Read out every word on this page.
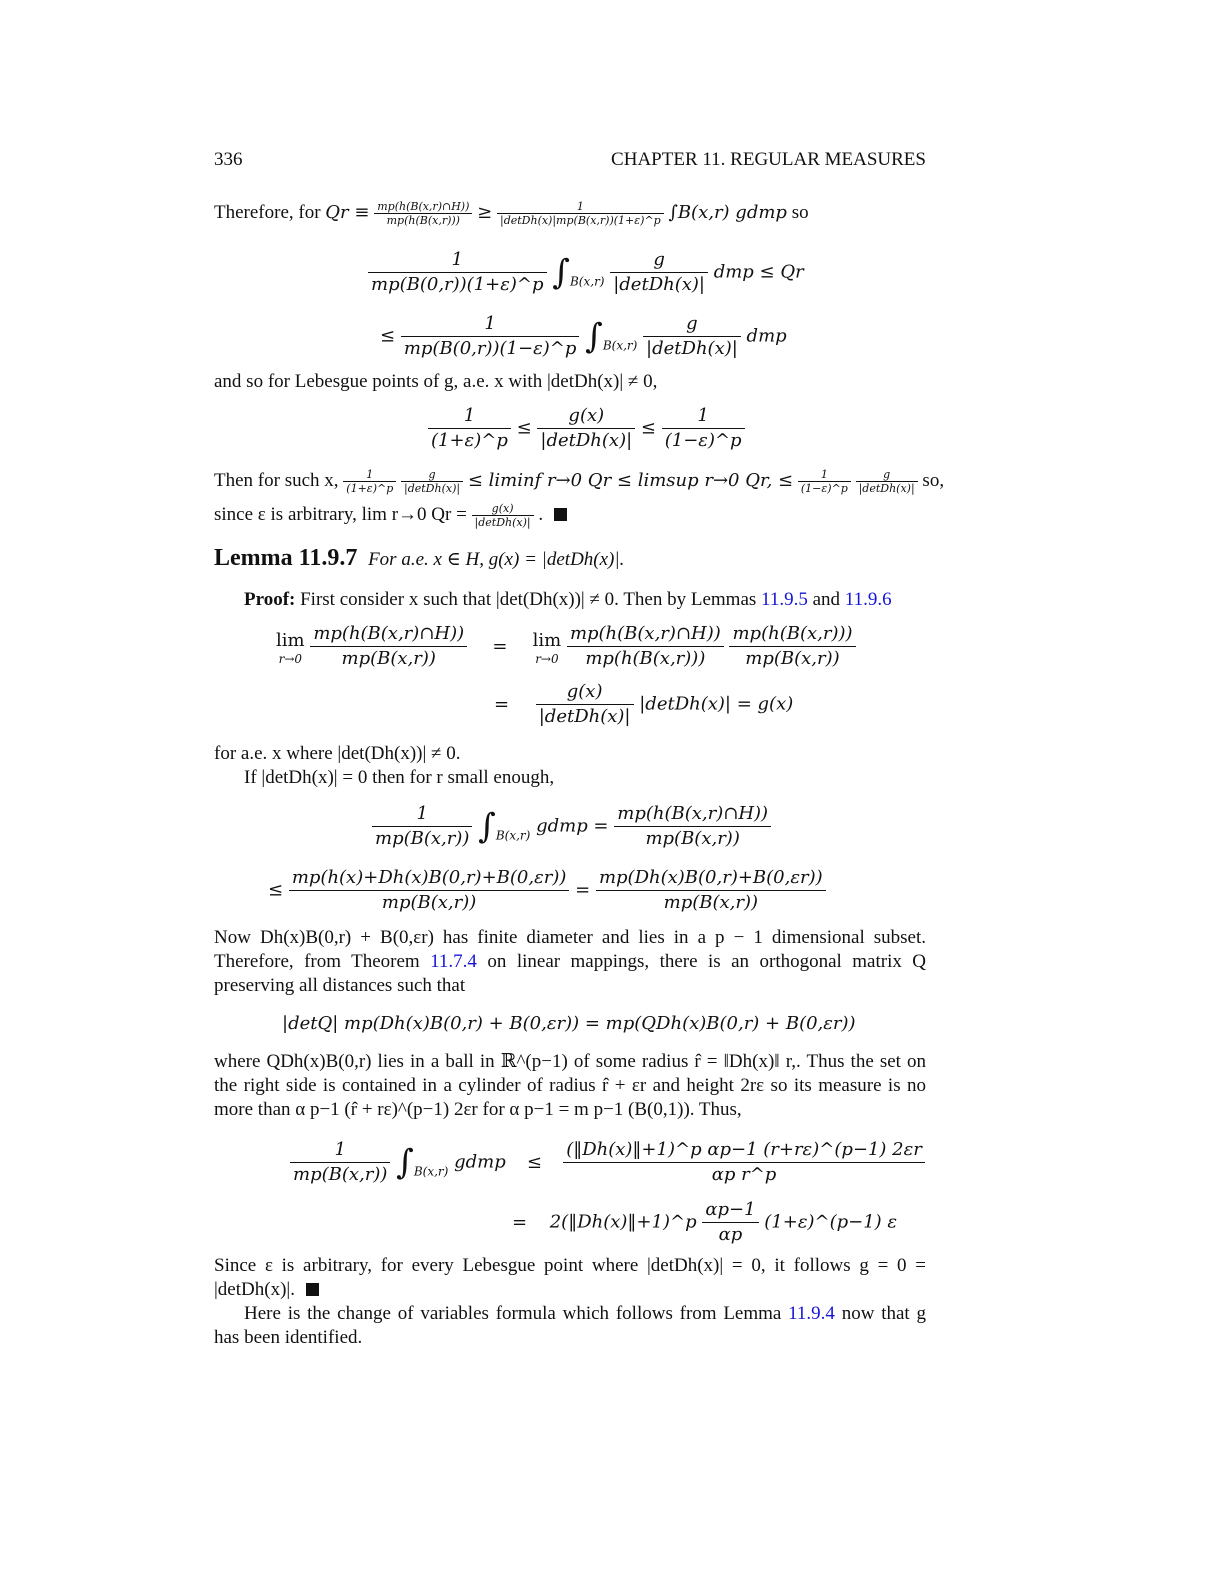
336	CHAPTER 11. REGULAR MEASURES
Therefore, for $Qr \equiv \frac{mp(h(B(x,r)\cap H))}{mp(h(B(x,r)))} \ge \frac{1}{\text{|detDh(x)|mp(B(x,r))(1+ε)\textasciicircum{}p}} \int B(x,r)$ gdmp so
$\frac{1}{mp(B(0,r))(1+\varepsilon)\^{}p} \int_{B(x,r)} \frac{g}{\text{|detDh(x)|}}$ dmp ≤ Qr
≤ $\frac{1}{mp(B(0,r))(1-\varepsilon)\^{}p} \int_{B(x,r)} \frac{g}{\text{|detDh(x)|}}$ dmp
and so for Lebesgue points of g, a.e. x with |detDh(x)| ≠ 0,
$\frac{1}{(1+\varepsilon)\^{}p} \le \frac{g(x)}{\text{|detDh(x)|}} \le \frac{1}{(1-\varepsilon)\^{}p}$
Then for such x, $\frac{1}{(1+\varepsilon)\^{}p}$
$\frac{g}{\text{|detDh(x)|}} \le liminf$ r→0 Qr ≤ limsup r→0 Qr, ≤ $\frac{1}{(1-\varepsilon)\^{}p}$
$\frac{g}{\text{|detDh(x)|}}$ so,
since ε is arbitrary, lim r→0 $Qr = \frac{g(x)}{\text{|detDh(x)|}}$ .
Lemma 11.9.7 For a.e. x ∈ H, g(x) = |detDh(x)|.
Proof: First consider x such that |det(Dh(x))| ≠ 0. Then by Lemmas 11.9.5 and 11.9.6
lim
r→0
$\frac{mp(h(B(x,r)\cap H))}{mp(B(x,r))} = \lim$
r→0
$\frac{mp(h(B(x,r)\cap H))}{mp(h(B(x,r)))}$
$\frac{mp(h(B(x,r)))}{mp(B(x,r))}$
= $\frac{g(x)}{\text{|detDh(x)|}}$ |detDh(x)| = g(x)
for a.e. x where |det(Dh(x))| ≠ 0.
If |detDh(x)| = 0 then for r small enough,
$\frac{1}{mp(B(x,r))} \int_{B(x,r)}$ gdmp = $\frac{mp(h(B(x,r)\cap H))}{mp(B(x,r))}$
≤ $\frac{mp(h(x)+Dh(x)B(0,r)+B(0,\varepsilon r))}{mp(B(x,r))} = \frac{mp(Dh(x)B(0,r)+B(0,\varepsilon r))}{mp(B(x,r))}$
Now Dh(x)B(0,r) + B(0,εr) has finite diameter and lies in a p − 1 dimensional subset. Therefore, from Theorem 11.7.4 on linear mappings, there is an orthogonal matrix Q preserving all distances such that
|detQ| mp(Dh(x)B(0,r) + B(0,εr)) = mp(QDh(x)B(0,r) + B(0,εr))
where QDh(x)B(0,r) lies in a ball in ℝ^(p−1) of some radius r̂ = ‖Dh(x)‖ r,. Thus the set on the right side is contained in a cylinder of radius r̂ + εr and height 2rε so its measure is no more than α p−1 (r̂ + rε)^(p−1) 2εr for α p−1 = m p−1 (B(0,1)). Thus,
$\frac{1}{mp(B(x,r))} \int_{B(x,r)}$ gdmp ≤ $\frac{\text{(‖Dh(x)‖+1)\textasciicircum{}p αp−1 (r+rε)\textasciicircum{}(p−1) 2εr}}{\text{αp r\textasciicircum{}p}}$
= 2(‖Dh(x)‖+1)^p $\frac{\alpha p-1}{\alpha p}$ (1+ε)^(p−1) ε
Since ε is arbitrary, for every Lebesgue point where |detDh(x)| = 0, it follows g = 0 = |detDh(x)|.
Here is the change of variables formula which follows from Lemma 11.9.4 now that g has been identified.
